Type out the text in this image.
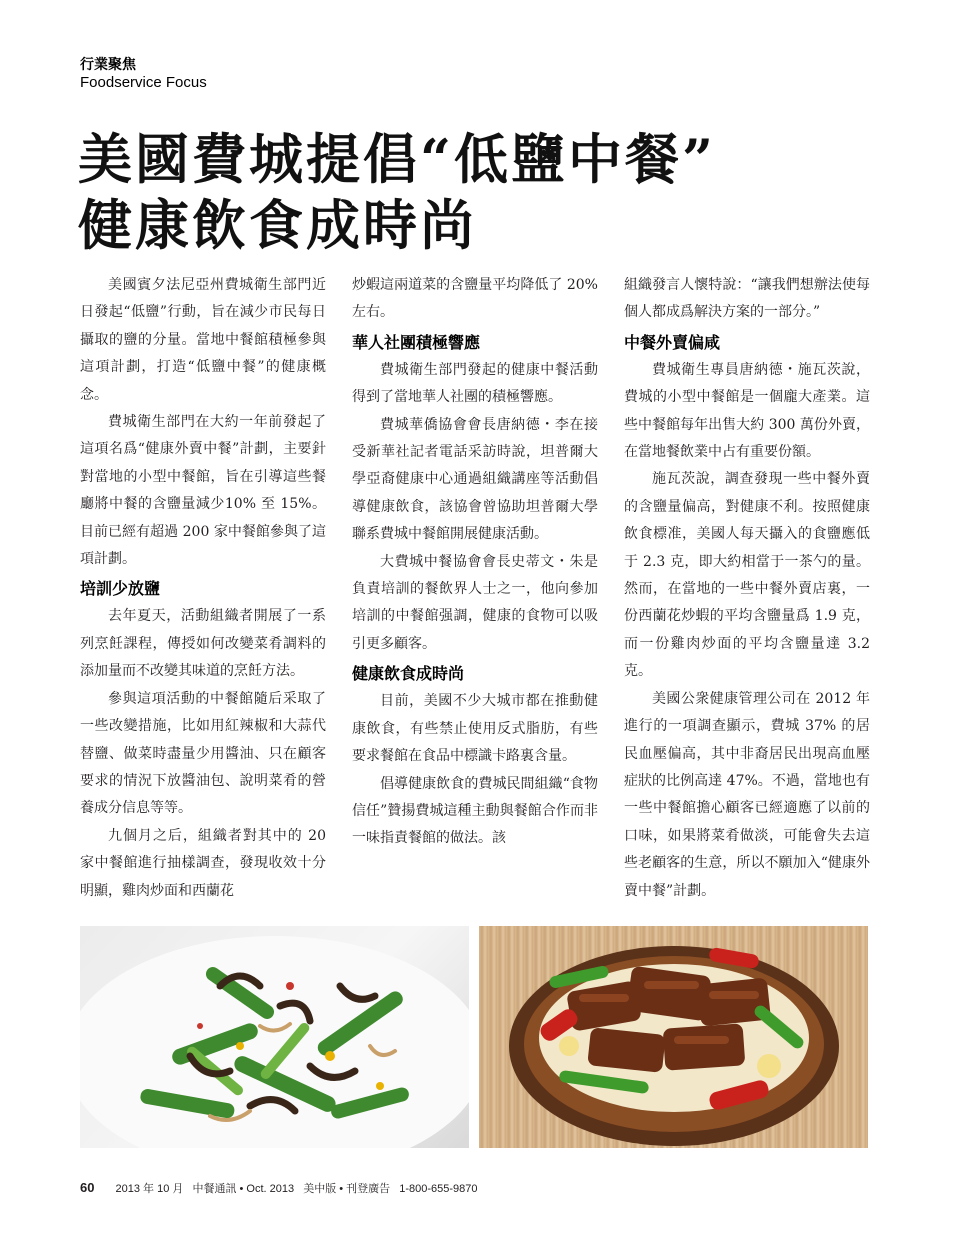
行業聚焦
Foodservice Focus
美國費城提倡“低鹽中餐”
健康飲食成時尚

美國賓夕法尼亞州費城衛生部門近日發起“低鹽”行動，旨在減少市民每日攝取的鹽的分量。當地中餐館積極參與這項計劃，打造“低鹽中餐”的健康概念。

費城衛生部門在大約一年前發起了這項名爲“健康外賣中餐”計劃，主要針對當地的小型中餐館，旨在引導這些餐廳將中餐的含鹽量減少10% 至 15%。目前已經有超過 200 家中餐館參與了這項計劃。

培訓少放鹽

去年夏天，活動組織者開展了一系列烹飪課程，傳授如何改變菜肴調料的添加量而不改變其味道的烹飪方法。

參與這項活動的中餐館隨后采取了一些改變措施，比如用紅辣椒和大蒜代替鹽、做菜時盡量少用醬油、只在顧客要求的情況下放醬油包、說明菜肴的營養成分信息等等。

九個月之后，組織者對其中的 20 家中餐館進行抽樣調查，發現收效十分明顯，雞肉炒面和西蘭花

炒蝦這兩道菜的含鹽量平均降低了 20% 左右。

華人社團積極響應

費城衛生部門發起的健康中餐活動得到了當地華人社團的積極響應。

費城華僑協會會長唐納德・李在接受新華社記者電話采訪時說，坦普爾大學亞裔健康中心通過組織講座等活動倡導健康飲食，該協會曾協助坦普爾大學聯系費城中餐館開展健康活動。

大費城中餐協會會長史蒂文・朱是負責培訓的餐飲界人士之一，他向參加培訓的中餐館强調，健康的食物可以吸引更多顧客。

健康飲食成時尚

目前，美國不少大城市都在推動健康飲食，有些禁止使用反式脂肪，有些要求餐館在食品中標識卡路裏含量。

倡導健康飲食的費城民間組織“食物信任”贊揚費城這種主動與餐館合作而非一味指責餐館的做法。該

組織發言人懷特說：“讓我們想辦法使每個人都成爲解決方案的一部分。”

中餐外賣偏咸

費城衛生專員唐納德・施瓦茨說，費城的小型中餐館是一個龐大產業。這些中餐館每年出售大約 300 萬份外賣，在當地餐飲業中占有重要份額。

施瓦茨說，調查發現一些中餐外賣的含鹽量偏高，對健康不利。按照健康飲食標准，美國人每天攝入的食鹽應低于 2.3 克，即大約相當于一茶勺的量。然而，在當地的一些中餐外賣店裏，一份西蘭花炒蝦的平均含鹽量爲 1.9 克，而一份雞肉炒面的平均含鹽量達 3.2 克。

美國公衆健康管理公司在 2012 年進行的一項調查顯示，費城 37% 的居民血壓偏高，其中非裔居民出現高血壓症狀的比例高達 47%。不過，當地也有一些中餐館擔心顧客已經適應了以前的口味，如果將菜肴做淡，可能會失去這些老顧客的生意，所以不願加入“健康外賣中餐”計劃。

60 2013 年 10 月 中餐通訊 • Oct. 2013 美中版 • 刊登廣告 1-800-655-9870
